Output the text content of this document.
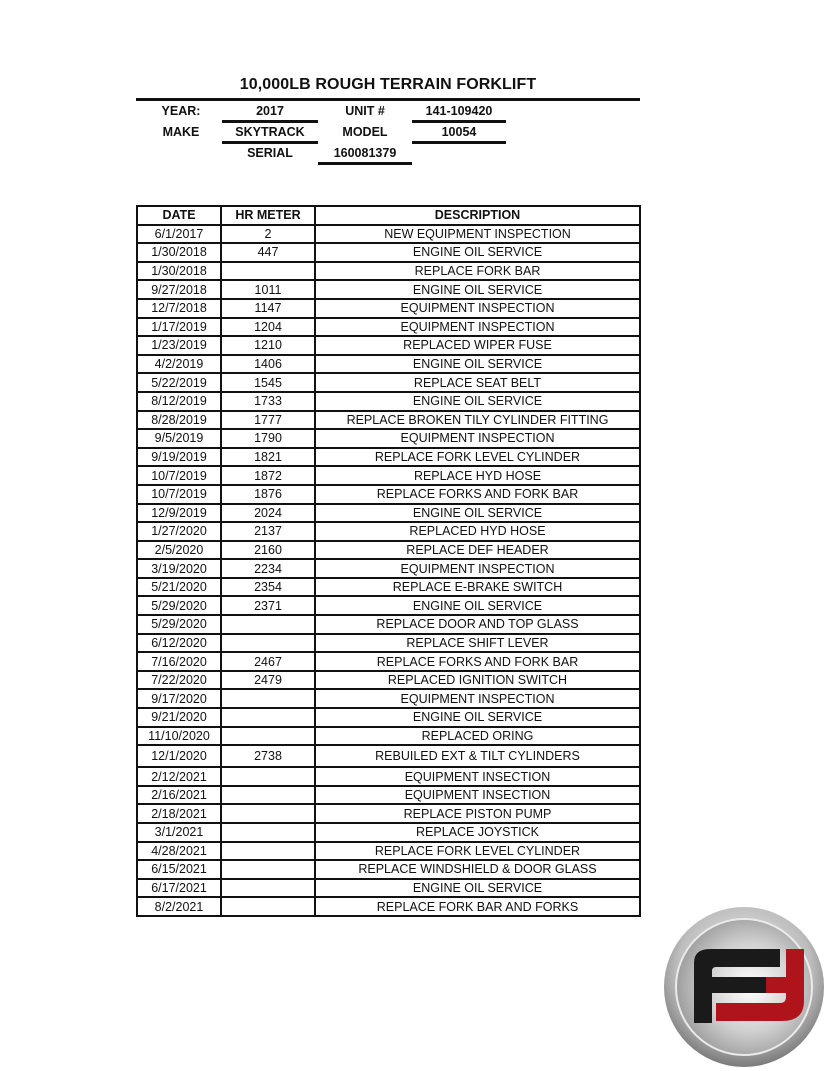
10,000LB ROUGH TERRAIN FORKLIFT
YEAR:	2017	UNIT #	141-109420
MAKE	SKYTRACK	MODEL	10054
SERIAL	160081379
DATE	HR METER	DESCRIPTION
6/1/2017	2	NEW EQUIPMENT INSPECTION
1/30/2018	447	ENGINE OIL SERVICE
1/30/2018		REPLACE FORK BAR
9/27/2018	1011	ENGINE OIL SERVICE
12/7/2018	1147	EQUIPMENT INSPECTION
1/17/2019	1204	EQUIPMENT INSPECTION
1/23/2019	1210	REPLACED WIPER FUSE
4/2/2019	1406	ENGINE OIL SERVICE
5/22/2019	1545	REPLACE SEAT BELT
8/12/2019	1733	ENGINE OIL SERVICE
8/28/2019	1777	REPLACE BROKEN TILY CYLINDER FITTING
9/5/2019	1790	EQUIPMENT INSPECTION
9/19/2019	1821	REPLACE FORK LEVEL CYLINDER
10/7/2019	1872	REPLACE HYD HOSE
10/7/2019	1876	REPLACE FORKS AND FORK BAR
12/9/2019	2024	ENGINE OIL SERVICE
1/27/2020	2137	REPLACED HYD HOSE
2/5/2020	2160	REPLACE DEF HEADER
3/19/2020	2234	EQUIPMENT INSPECTION
5/21/2020	2354	REPLACE E-BRAKE SWITCH
5/29/2020	2371	ENGINE OIL SERVICE
5/29/2020		REPLACE DOOR AND TOP GLASS
6/12/2020		REPLACE SHIFT LEVER
7/16/2020	2467	REPLACE FORKS AND FORK BAR
7/22/2020	2479	REPLACED IGNITION SWITCH
9/17/2020		EQUIPMENT INSPECTION
9/21/2020		ENGINE OIL SERVICE
11/10/2020		REPLACED ORING
12/1/2020	2738	REBUILED EXT & TILT CYLINDERS
2/12/2021		EQUIPMENT INSECTION
2/16/2021		EQUIPMENT INSECTION
2/18/2021		REPLACE PISTON PUMP
3/1/2021		REPLACE JOYSTICK
4/28/2021		REPLACE FORK LEVEL CYLINDER
6/15/2021		REPLACE WINDSHIELD & DOOR GLASS
6/17/2021		ENGINE OIL SERVICE
8/2/2021		REPLACE FORK BAR AND FORKS
